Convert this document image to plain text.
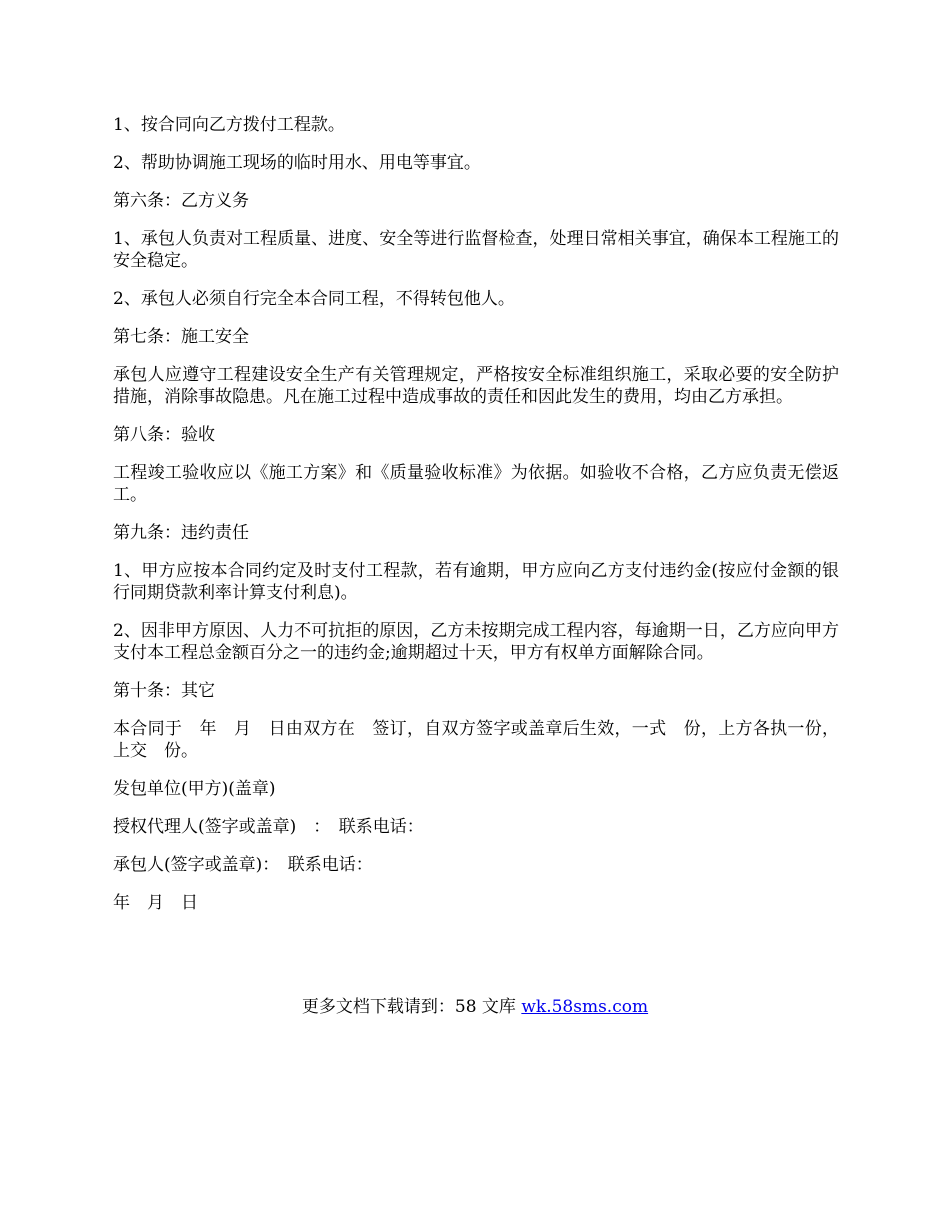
1、按合同向乙方拨付工程款。

2、帮助协调施工现场的临时用水、用电等事宜。

第六条：乙方义务

1、承包人负责对工程质量、进度、安全等进行监督检查，处理日常相关事宜，确保本工程施工的安全稳定。

2、承包人必须自行完全本合同工程，不得转包他人。

第七条：施工安全

承包人应遵守工程建设安全生产有关管理规定，严格按安全标准组织施工，采取必要的安全防护措施，消除事故隐患。凡在施工过程中造成事故的责任和因此发生的费用，均由乙方承担。

第八条：验收

工程竣工验收应以《施工方案》和《质量验收标准》为依据。如验收不合格，乙方应负责无偿返工。

第九条：违约责任

1、甲方应按本合同约定及时支付工程款，若有逾期，甲方应向乙方支付违约金(按应付金额的银行同期贷款利率计算支付利息)。

2、因非甲方原因、人力不可抗拒的原因，乙方未按期完成工程内容，每逾期一日，乙方应向甲方支付本工程总金额百分之一的违约金;逾期超过十天，甲方有权单方面解除合同。

第十条：其它

本合同于　年　月　日由双方在　签订，自双方签字或盖章后生效，一式　份，上方各执一份，上交　份。

发包单位(甲方)(盖章)

授权代理人(签字或盖章)　：　联系电话：

承包人(签字或盖章)：　联系电话：

年　月　日

更多文档下载请到：58 文库 wk.58sms.com
